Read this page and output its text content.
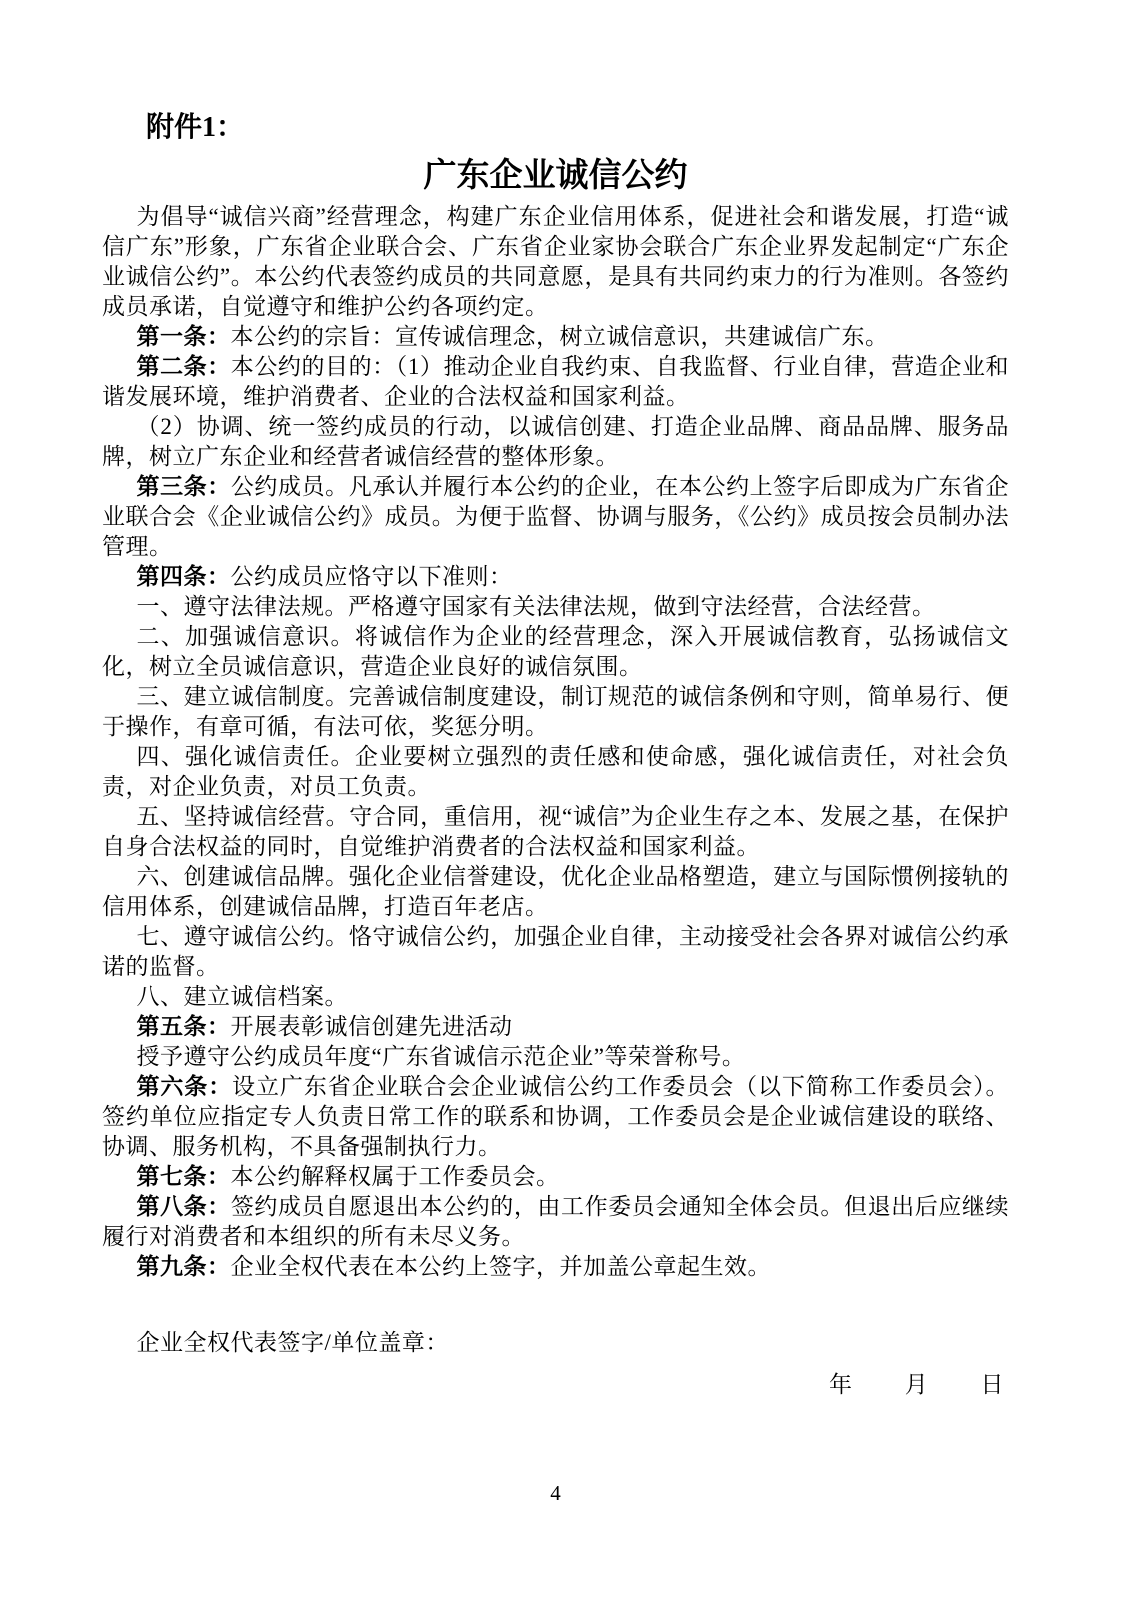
附件1：

广东企业诚信公约

为倡导“诚信兴商”经营理念，构建广东企业信用体系，促进社会和谐发展，打造“诚信广东”形象，广东省企业联合会、广东省企业家协会联合广东企业界发起制定“广东企业诚信公约”。本公约代表签约成员的共同意愿，是具有共同约束力的行为准则。各签约成员承诺，自觉遵守和维护公约各项约定。

第一条：本公约的宗旨：宣传诚信理念，树立诚信意识，共建诚信广东。

第二条：本公约的目的：（1）推动企业自我约束、自我监督、行业自律，营造企业和谐发展环境，维护消费者、企业的合法权益和国家利益。

（2）协调、统一签约成员的行动，以诚信创建、打造企业品牌、商品品牌、服务品牌，树立广东企业和经营者诚信经营的整体形象。

第三条：公约成员。凡承认并履行本公约的企业，在本公约上签字后即成为广东省企业联合会《企业诚信公约》成员。为便于监督、协调与服务，《公约》成员按会员制办法管理。

第四条：公约成员应恪守以下准则：

一、遵守法律法规。严格遵守国家有关法律法规，做到守法经营，合法经营。

二、加强诚信意识。将诚信作为企业的经营理念，深入开展诚信教育，弘扬诚信文化，树立全员诚信意识，营造企业良好的诚信氛围。

三、建立诚信制度。完善诚信制度建设，制订规范的诚信条例和守则，简单易行、便于操作，有章可循，有法可依，奖惩分明。

四、强化诚信责任。企业要树立强烈的责任感和使命感，强化诚信责任，对社会负责，对企业负责，对员工负责。

五、坚持诚信经营。守合同，重信用，视“诚信”为企业生存之本、发展之基，在保护自身合法权益的同时，自觉维护消费者的合法权益和国家利益。

六、创建诚信品牌。强化企业信誉建设，优化企业品格塑造，建立与国际惯例接轨的信用体系，创建诚信品牌，打造百年老店。

七、遵守诚信公约。恪守诚信公约，加强企业自律，主动接受社会各界对诚信公约承诺的监督。

八、建立诚信档案。

第五条：开展表彰诚信创建先进活动

授予遵守公约成员年度“广东省诚信示范企业”等荣誉称号。

第六条：设立广东省企业联合会企业诚信公约工作委员会（以下简称工作委员会）。签约单位应指定专人负责日常工作的联系和协调，工作委员会是企业诚信建设的联络、协调、服务机构，不具备强制执行力。

第七条：本公约解释权属于工作委员会。

第八条：签约成员自愿退出本公约的，由工作委员会通知全体会员。但退出后应继续履行对消费者和本组织的所有未尽义务。

第九条：企业全权代表在本公约上签字，并加盖公章起生效。

企业全权代表签字/单位盖章：

年 月 日

4
